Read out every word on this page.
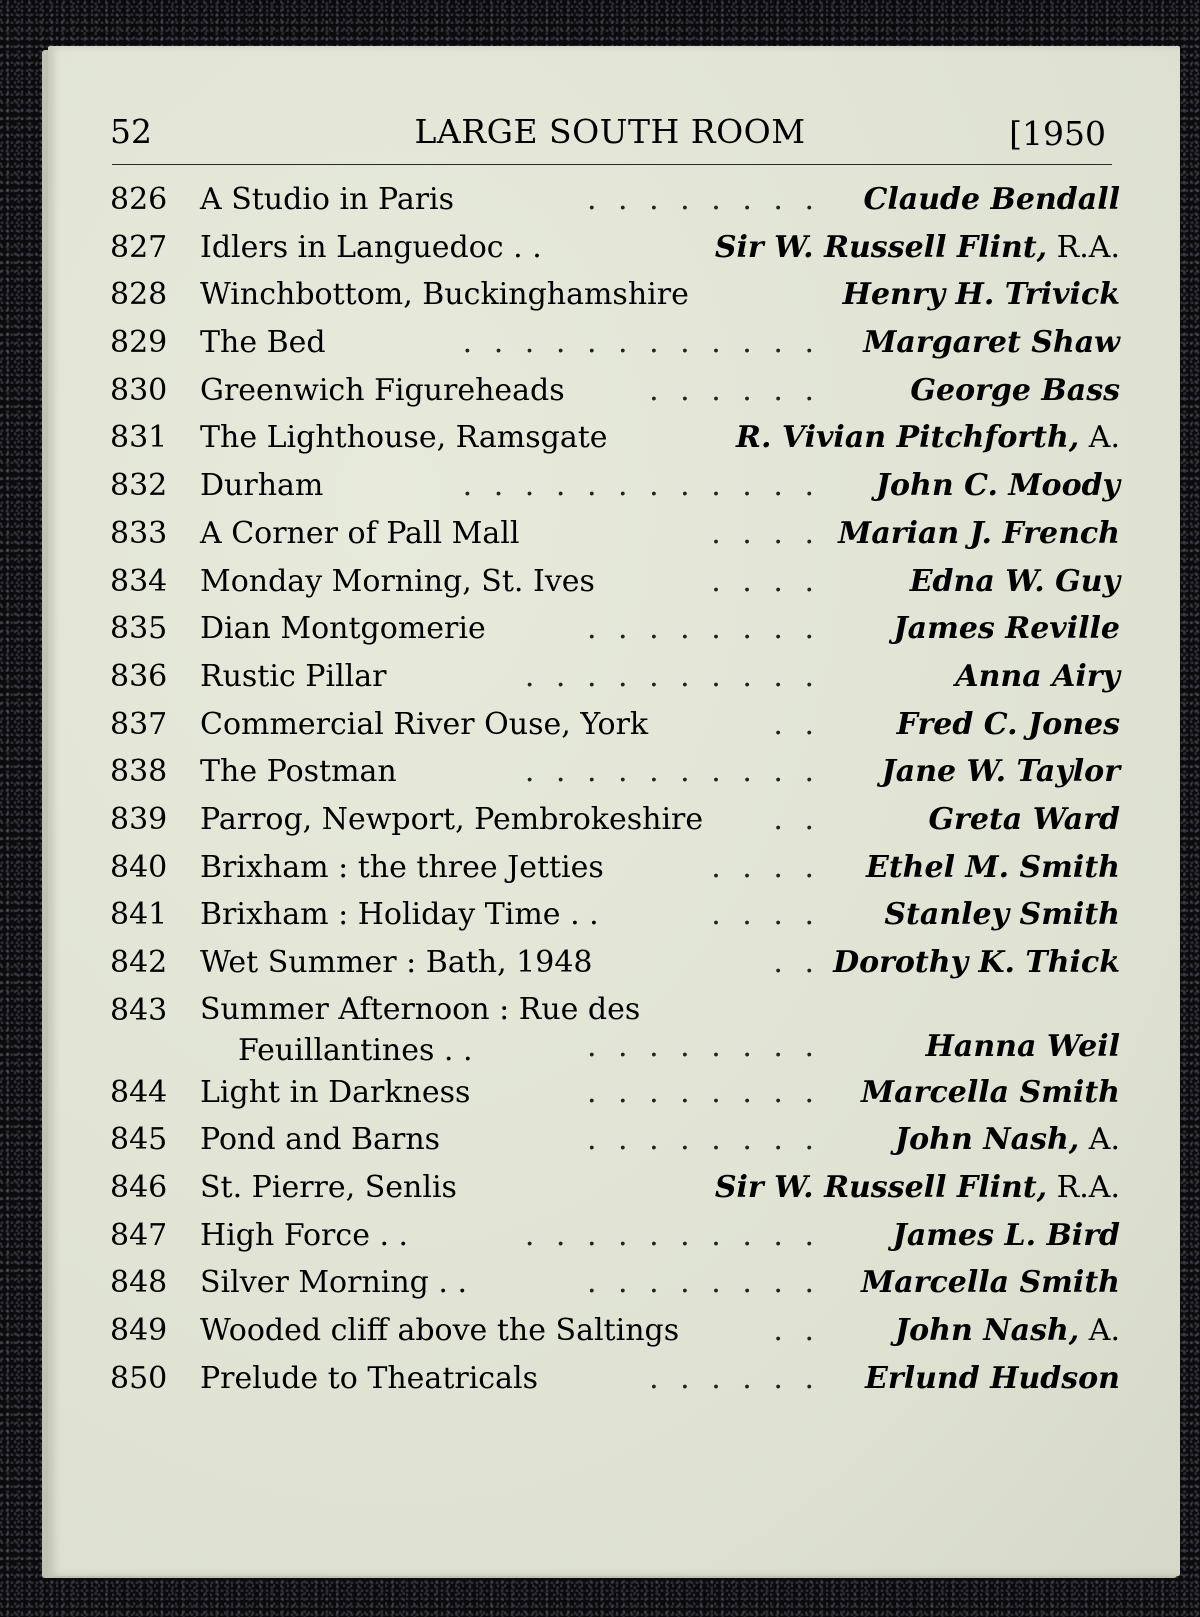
52	LARGE SOUTH ROOM	[1950
826 A Studio in Paris	. . . . . . . . Claude Bendall
827 Idlers in Languedoc . .	Sir W. Russell Flint, R.A.
828 Winchbottom, Buckinghamshire	Henry H. Trivick
829 The Bed	. . . . . . . . . . . . Margaret Shaw
830 Greenwich Figureheads	. . . . . .	George Bass
831 The Lighthouse, Ramsgate	R. Vivian Pitchforth, A.
832 Durham	. . . . . . . . . . . . John C. Moody
833 A Corner of Pall Mall	. . . . Marian J. French
834 Monday Morning, St. Ives	. . . .	Edna W. Guy
835 Dian Montgomerie	. . . . . . . . James Reville
836 Rustic Pillar	. . . . . . . . . .	Anna Airy
837 Commercial River Ouse, York	. .	Fred C. Jones
838 The Postman	. . . . . . . . . . Jane W. Taylor
839 Parrog, Newport, Pembrokeshire . .	Greta Ward
840 Brixham : the three Jetties	. . . . Ethel M. Smith
841 Brixham : Holiday Time . .	. . . . Stanley Smith
842 Wet Summer : Bath, 1948	. . Dorothy K. Thick
843 Summer Afternoon : Rue des
Feuillantines . .	. . . . . . . .	Hanna Weil
844 Light in Darkness	. . . . . . . . Marcella Smith
845 Pond and Barns	. . . . . . . . John Nash, A.
846 St. Pierre, Senlis	Sir W. Russell Flint, R.A.
847 High Force . .	. . . . . . . . . . James L. Bird
848 Silver Morning . .	. . . . . . . . Marcella Smith
849 Wooded cliff above the Saltings	. . John Nash, A.
850 Prelude to Theatricals	. . . . . . Erlund Hudson
